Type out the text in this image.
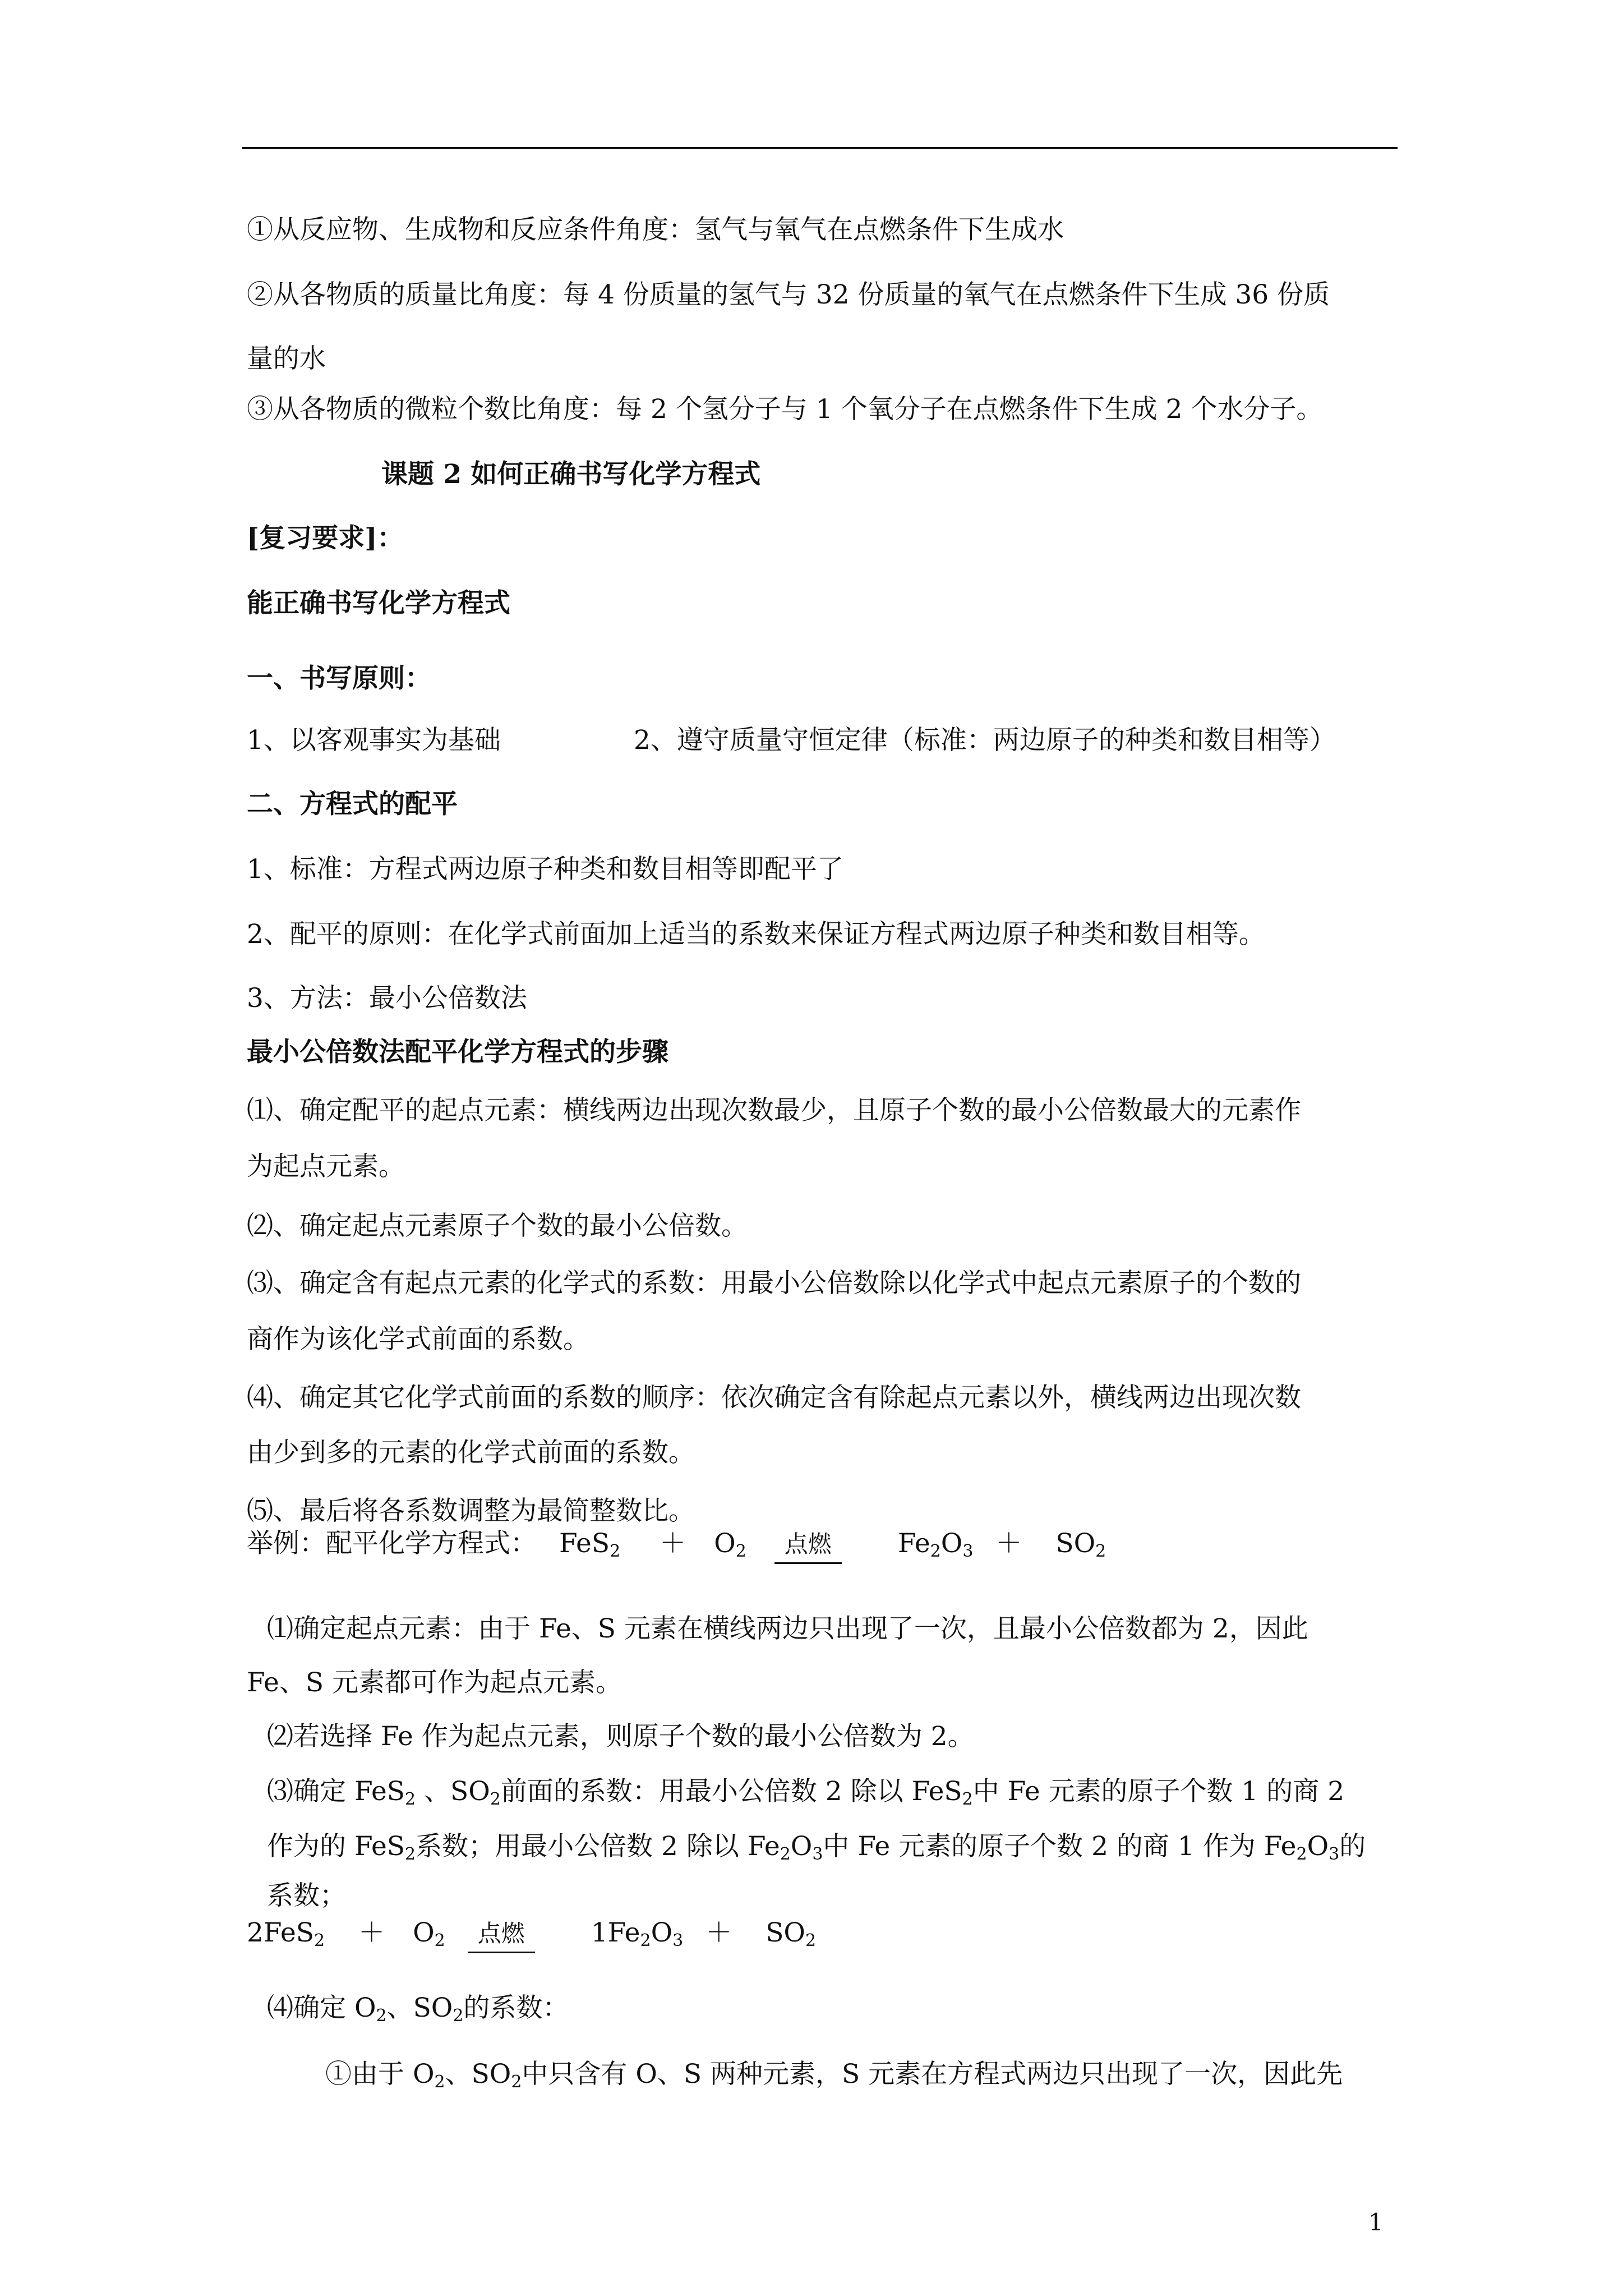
①从反应物、生成物和反应条件角度：氢气与氧气在点燃条件下生成水
②从各物质的质量比角度：每 4 份质量的氢气与 32 份质量的氧气在点燃条件下生成 36 份质
量的水
③从各物质的微粒个数比角度：每 2 个氢分子与 1 个氧分子在点燃条件下生成 2 个水分子。
课题 2 如何正确书写化学方程式
[复习要求]：
能正确书写化学方程式
一、书写原则：
1、以客观事实为基础	2、遵守质量守恒定律（标准：两边原子的种类和数目相等）
二、方程式的配平
1、标准：方程式两边原子种类和数目相等即配平了
2、配平的原则：在化学式前面加上适当的系数来保证方程式两边原子种类和数目相等。
3、方法：最小公倍数法
最小公倍数法配平化学方程式的步骤
⑴、确定配平的起点元素：横线两边出现次数最少，且原子个数的最小公倍数最大的元素作
为起点元素。
⑵、确定起点元素原子个数的最小公倍数。
⑶、确定含有起点元素的化学式的系数：用最小公倍数除以化学式中起点元素原子的个数的
商作为该化学式前面的系数。
⑷、确定其它化学式前面的系数的顺序：依次确定含有除起点元素以外，横线两边出现次数
由少到多的元素的化学式前面的系数。
⑸、最后将各系数调整为最简整数比。
举例：配平化学方程式： $FeS_2 + O_2$ 点燃	$Fe_2O_3 + SO_2$
⑴确定起点元素：由于 Fe、S 元素在横线两边只出现了一次，且最小公倍数都为 2，因此
Fe、S 元素都可作为起点元素。
⑵若选择 Fe 作为起点元素，则原子个数的最小公倍数为 2。
⑶确定 FeS$_2$ 、$SO_2$前面的系数：用最小公倍数 2 除以 FeS$_2$中 Fe 元素的原子个数 1 的商 2
作为的 FeS$_2$系数；用最小公倍数 2 除以 $Fe_2O_3$中 Fe 元素的原子个数 2 的商 1 作为 $Fe_2O_3$的
系数；
$2FeS_2 + O_2$ 点燃	$1Fe_2O_3 + SO_2$
⑷确定 $O_2$、$SO_2$的系数：
①由于 $O_2$、$SO_2$中只含有 O、S 两种元素，S 元素在方程式两边只出现了一次，因此先
1
